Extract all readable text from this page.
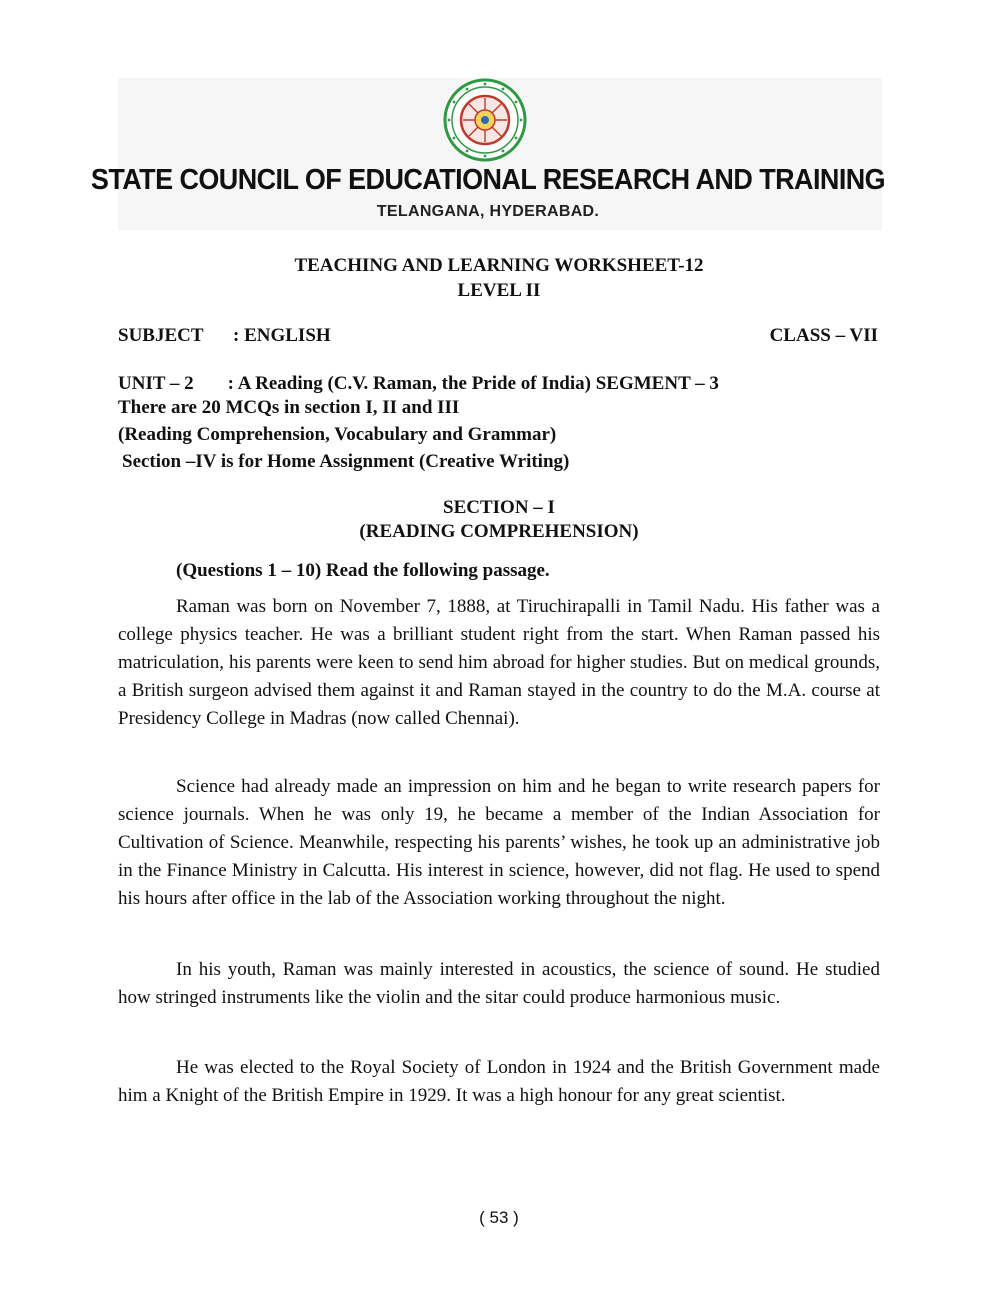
STATE COUNCIL OF EDUCATIONAL RESEARCH AND TRAINING
TELANGANA, HYDERABAD.
TEACHING AND LEARNING WORKSHEET-12
LEVEL II
SUBJECT : ENGLISH	CLASS – VII
UNIT – 2 : A Reading (C.V. Raman, the Pride of India) SEGMENT – 3
There are 20 MCQs in section I, II and III
(Reading Comprehension, Vocabulary and Grammar)
Section –IV is for Home Assignment (Creative Writing)
SECTION – I
(READING COMPREHENSION)
(Questions 1 – 10) Read the following passage.

Raman was born on November 7, 1888, at Tiruchirapalli in Tamil Nadu. His father was a college physics teacher. He was a brilliant student right from the start. When Raman passed his matriculation, his parents were keen to send him abroad for higher studies. But on medical grounds, a British surgeon advised them against it and Raman stayed in the country to do the M.A. course at Presidency College in Madras (now called Chennai).

Science had already made an impression on him and he began to write research papers for science journals. When he was only 19, he became a member of the Indian Association for Cultivation of Science. Meanwhile, respecting his parents’ wishes, he took up an administrative job in the Finance Ministry in Calcutta. His interest in science, however, did not flag. He used to spend his hours after office in the lab of the Association working throughout the night.

In his youth, Raman was mainly interested in acoustics, the science of sound. He studied how stringed instruments like the violin and the sitar could produce harmonious music.

He was elected to the Royal Society of London in 1924 and the British Government made him a Knight of the British Empire in 1929. It was a high honour for any great scientist.

( 53 )
